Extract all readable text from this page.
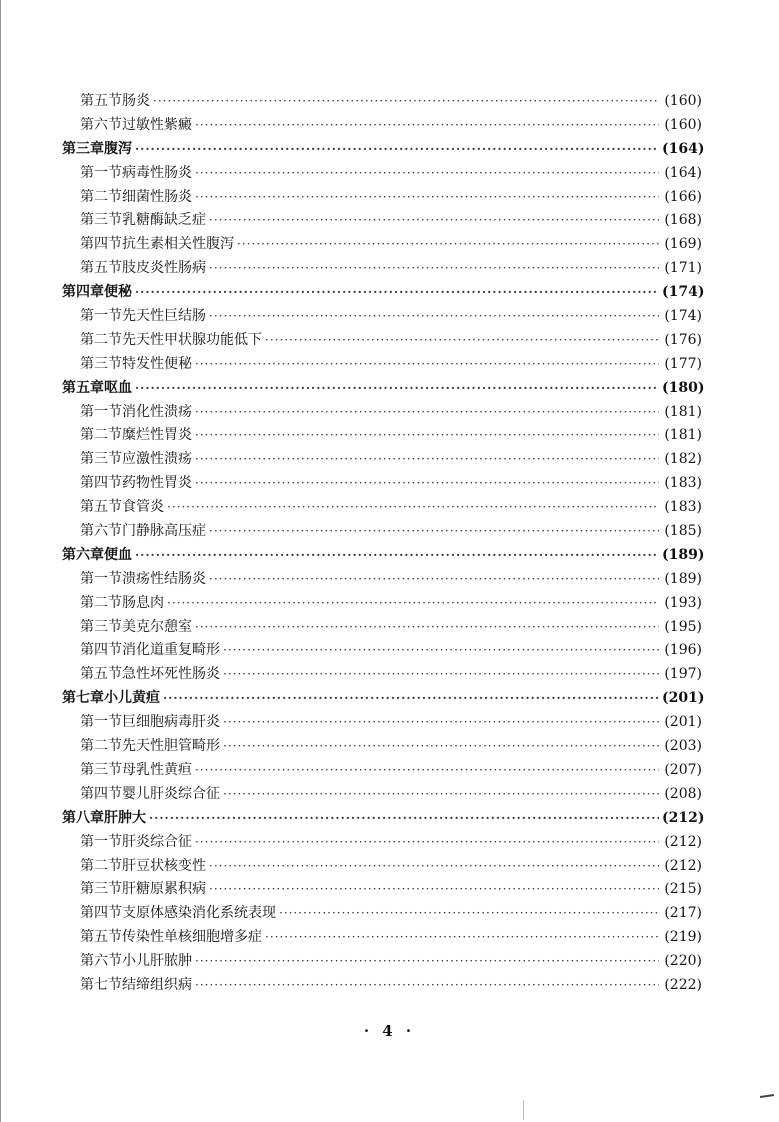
第五节 肠炎 ·····	(160)
第六节 过敏性紫癜 ·····	(160)
第三章 腹泻 ·····	(164)
第一节 病毒性肠炎 ·····	(164)
第二节 细菌性肠炎 ·····	(166)
第三节 乳糖酶缺乏症 ·····	(168)
第四节 抗生素相关性腹泻 ·····	(169)
第五节 肢皮炎性肠病 ·····	(171)
第四章 便秘 ·····	(174)
第一节 先天性巨结肠 ·····	(174)
第二节 先天性甲状腺功能低下 ·····	(176)
第三节 特发性便秘 ·····	(177)
第五章 呕血 ·····	(180)
第一节 消化性溃疡 ·····	(181)
第二节 糜烂性胃炎 ·····	(181)
第三节 应激性溃疡 ·····	(182)
第四节 药物性胃炎 ·····	(183)
第五节 食管炎 ·····	(183)
第六节 门静脉高压症 ·····	(185)
第六章 便血 ·····	(189)
第一节 溃疡性结肠炎 ·····	(189)
第二节 肠息肉 ·····	(193)
第三节 美克尔憩室 ·····	(195)
第四节 消化道重复畸形 ·····	(196)
第五节 急性坏死性肠炎 ·····	(197)
第七章 小儿黄疸 ·····	(201)
第一节 巨细胞病毒肝炎 ·····	(201)
第二节 先天性胆管畸形 ·····	(203)
第三节 母乳性黄疸 ·····	(207)
第四节 婴儿肝炎综合征 ·····	(208)
第八章 肝肿大 ·····	(212)
第一节 肝炎综合征 ·····	(212)
第二节 肝豆状核变性 ·····	(212)
第三节 肝糖原累积病 ·····	(215)
第四节 支原体感染消化系统表现 ·····	(217)
第五节 传染性单核细胞增多症 ·····	(219)
第六节 小儿肝脓肿 ·····	(220)
第七节 结缔组织病 ·····	(222)
· 4 ·
